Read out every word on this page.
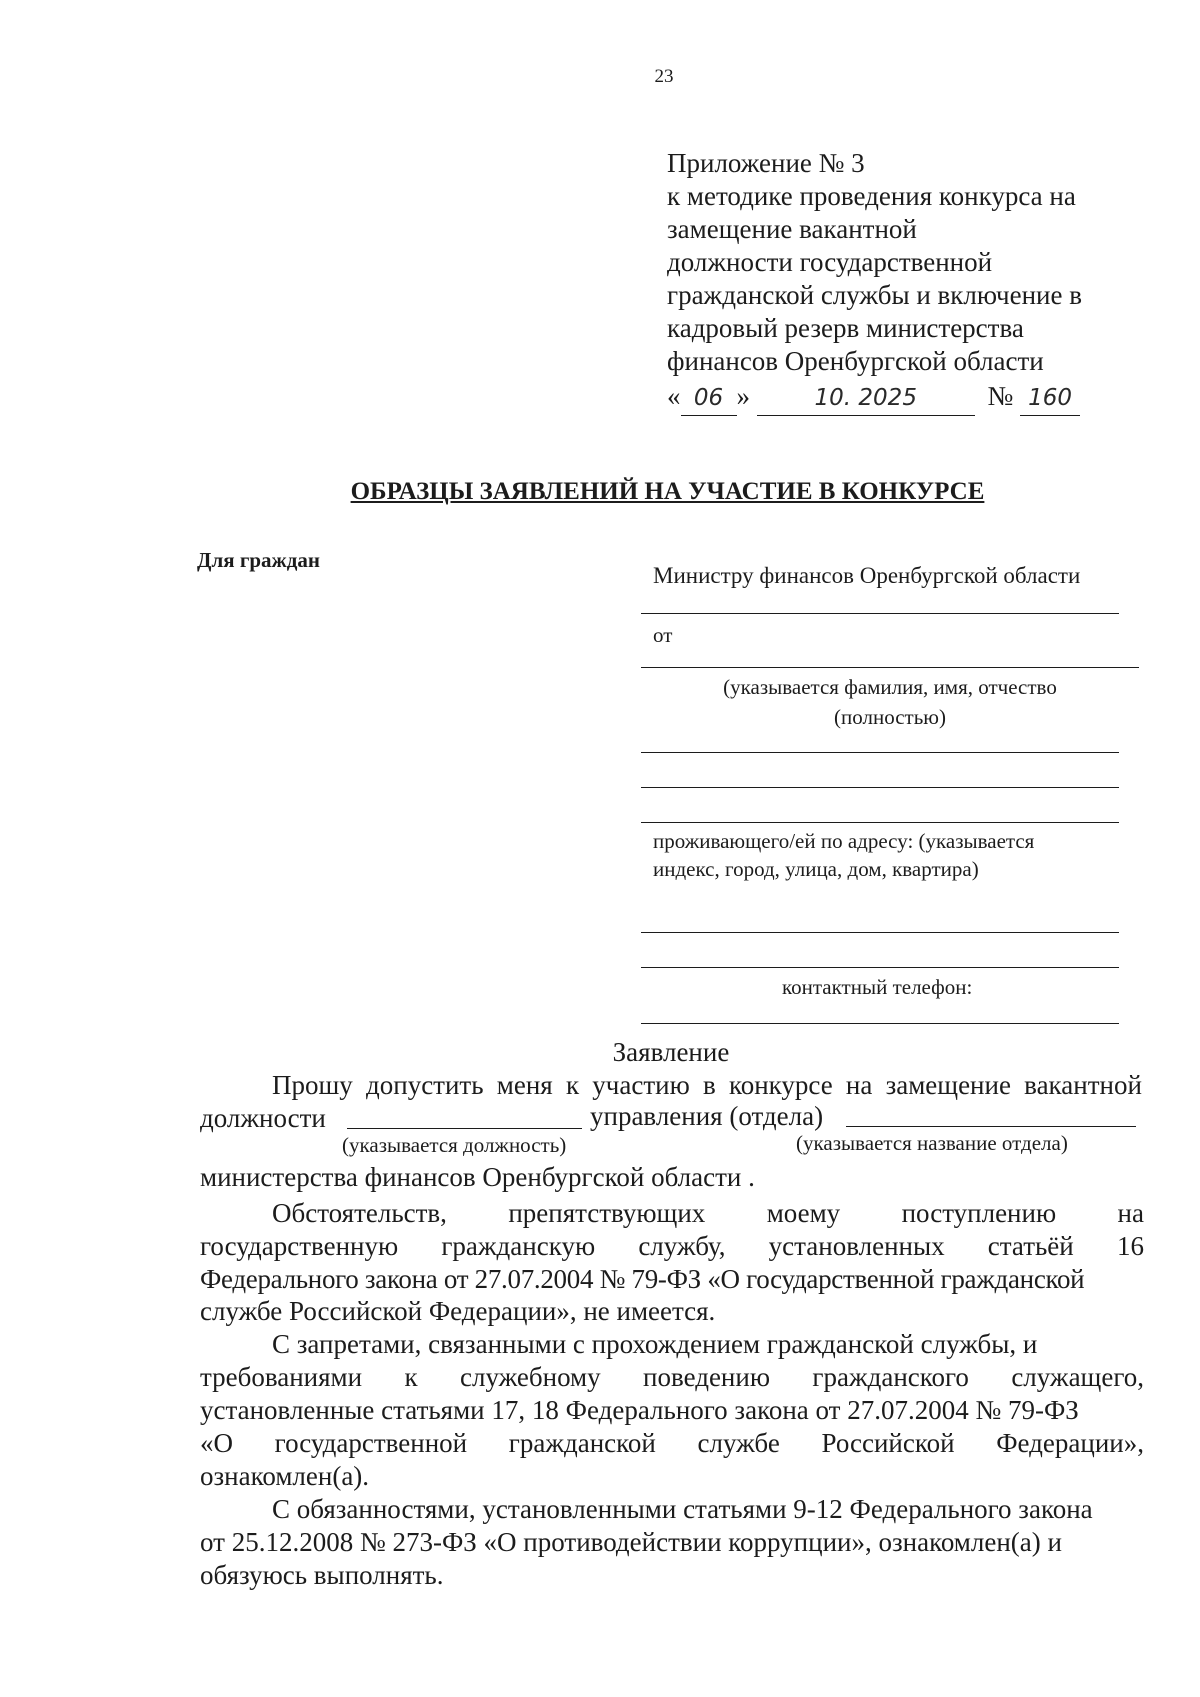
23
Приложение № 3
к методике проведения конкурса на
замещение вакантной
должности государственной
гражданской службы и включение в
кадровый резерв министерства
финансов Оренбургской области
« 06 »	10. 2025	№ 160
ОБРАЗЦЫ ЗАЯВЛЕНИЙ НА УЧАСТИЕ В КОНКУРСЕ
Для граждан
Министру финансов Оренбургской области
от
(указывается фамилия, имя, отчество
(полностью)
проживающего/ей по адресу: (указывается
индекс, город, улица, дом, квартира)
контактный телефон:
Заявление
Прошу допустить меня к участию в конкурсе на замещение вакантной
должности	управления (отдела)
(указывается должность)	(указывается название отдела)
министерства финансов Оренбургской области .
Обстоятельств, препятствующих моему поступлению на
государственную гражданскую службу, установленных статьёй 16
Федерального закона от 27.07.2004 № 79-ФЗ «О государственной гражданской
службе Российской Федерации», не имеется.
С запретами, связанными с прохождением гражданской службы, и
требованиями к служебному поведению гражданского служащего,
установленные статьями 17, 18 Федерального закона от 27.07.2004 № 79-ФЗ
«О государственной гражданской службе Российской Федерации»,
ознакомлен(а).
С обязанностями, установленными статьями 9-12 Федерального закона
от 25.12.2008 № 273-ФЗ «О противодействии коррупции», ознакомлен(а) и
обязуюсь выполнять.
